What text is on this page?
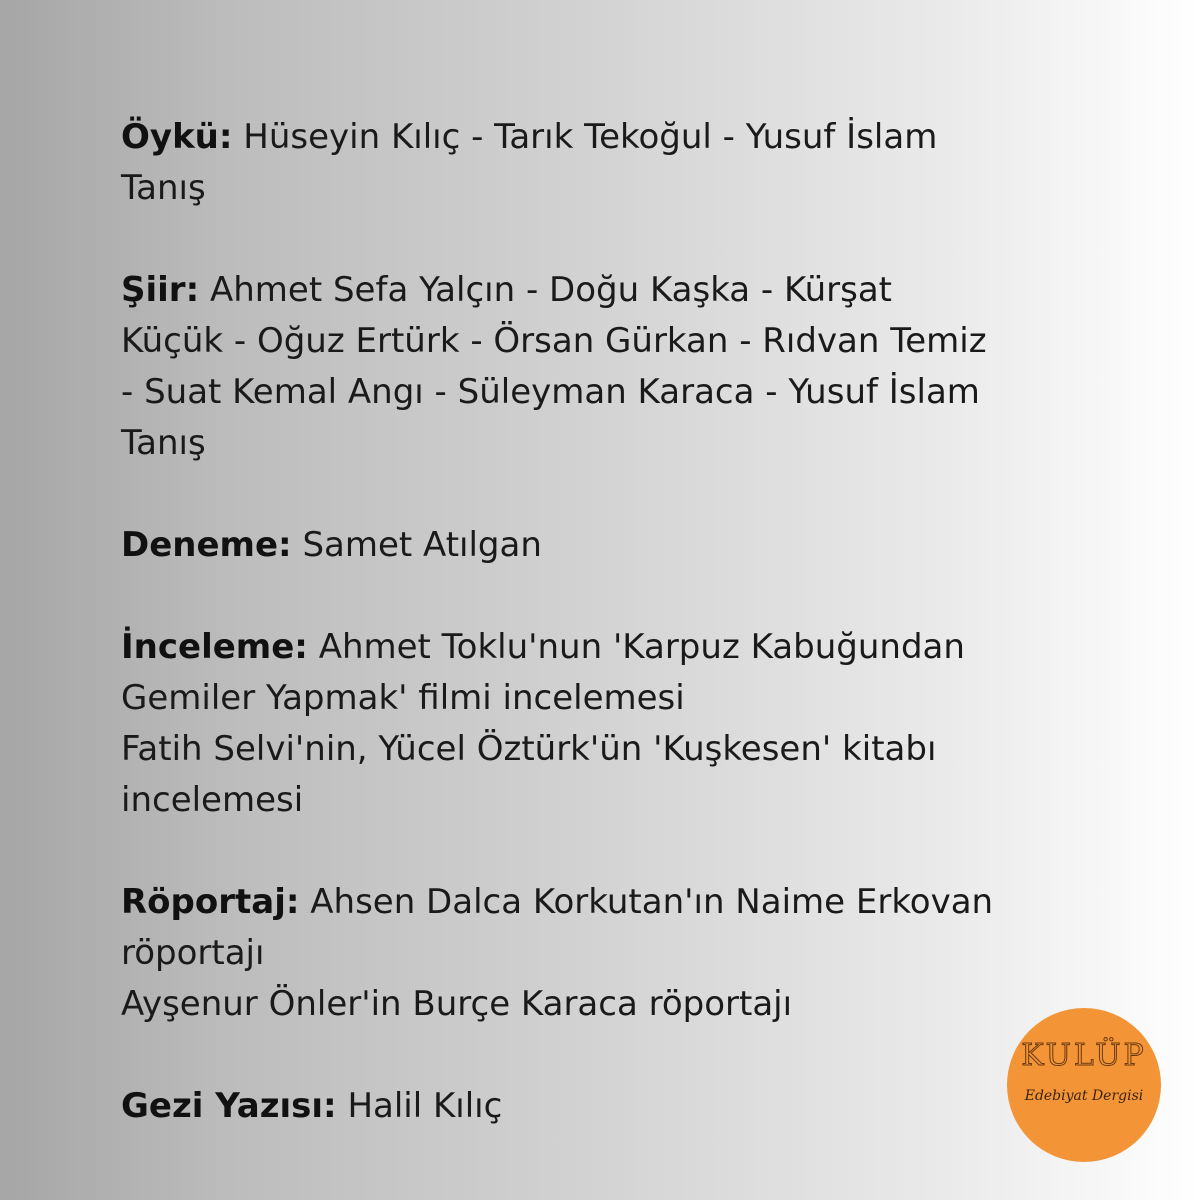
Öykü: Hüseyin Kılıç - Tarık Tekoğul - Yusuf İslam
Tanış
Şiir: Ahmet Sefa Yalçın - Doğu Kaşka - Kürşat
Küçük - Oğuz Ertürk - Örsan Gürkan - Rıdvan Temiz
- Suat Kemal Angı - Süleyman Karaca - Yusuf İslam
Tanış
Deneme: Samet Atılgan
İnceleme: Ahmet Toklu'nun 'Karpuz Kabuğundan
Gemiler Yapmak' filmi incelemesi
Fatih Selvi'nin, Yücel Öztürk'ün 'Kuşkesen' kitabı
incelemesi
Röportaj: Ahsen Dalca Korkutan'ın Naime Erkovan
röportajı
Ayşenur Önler'in Burçe Karaca röportajı
Gezi Yazısı: Halil Kılıç
KULÜP
Edebiyat Dergisi
